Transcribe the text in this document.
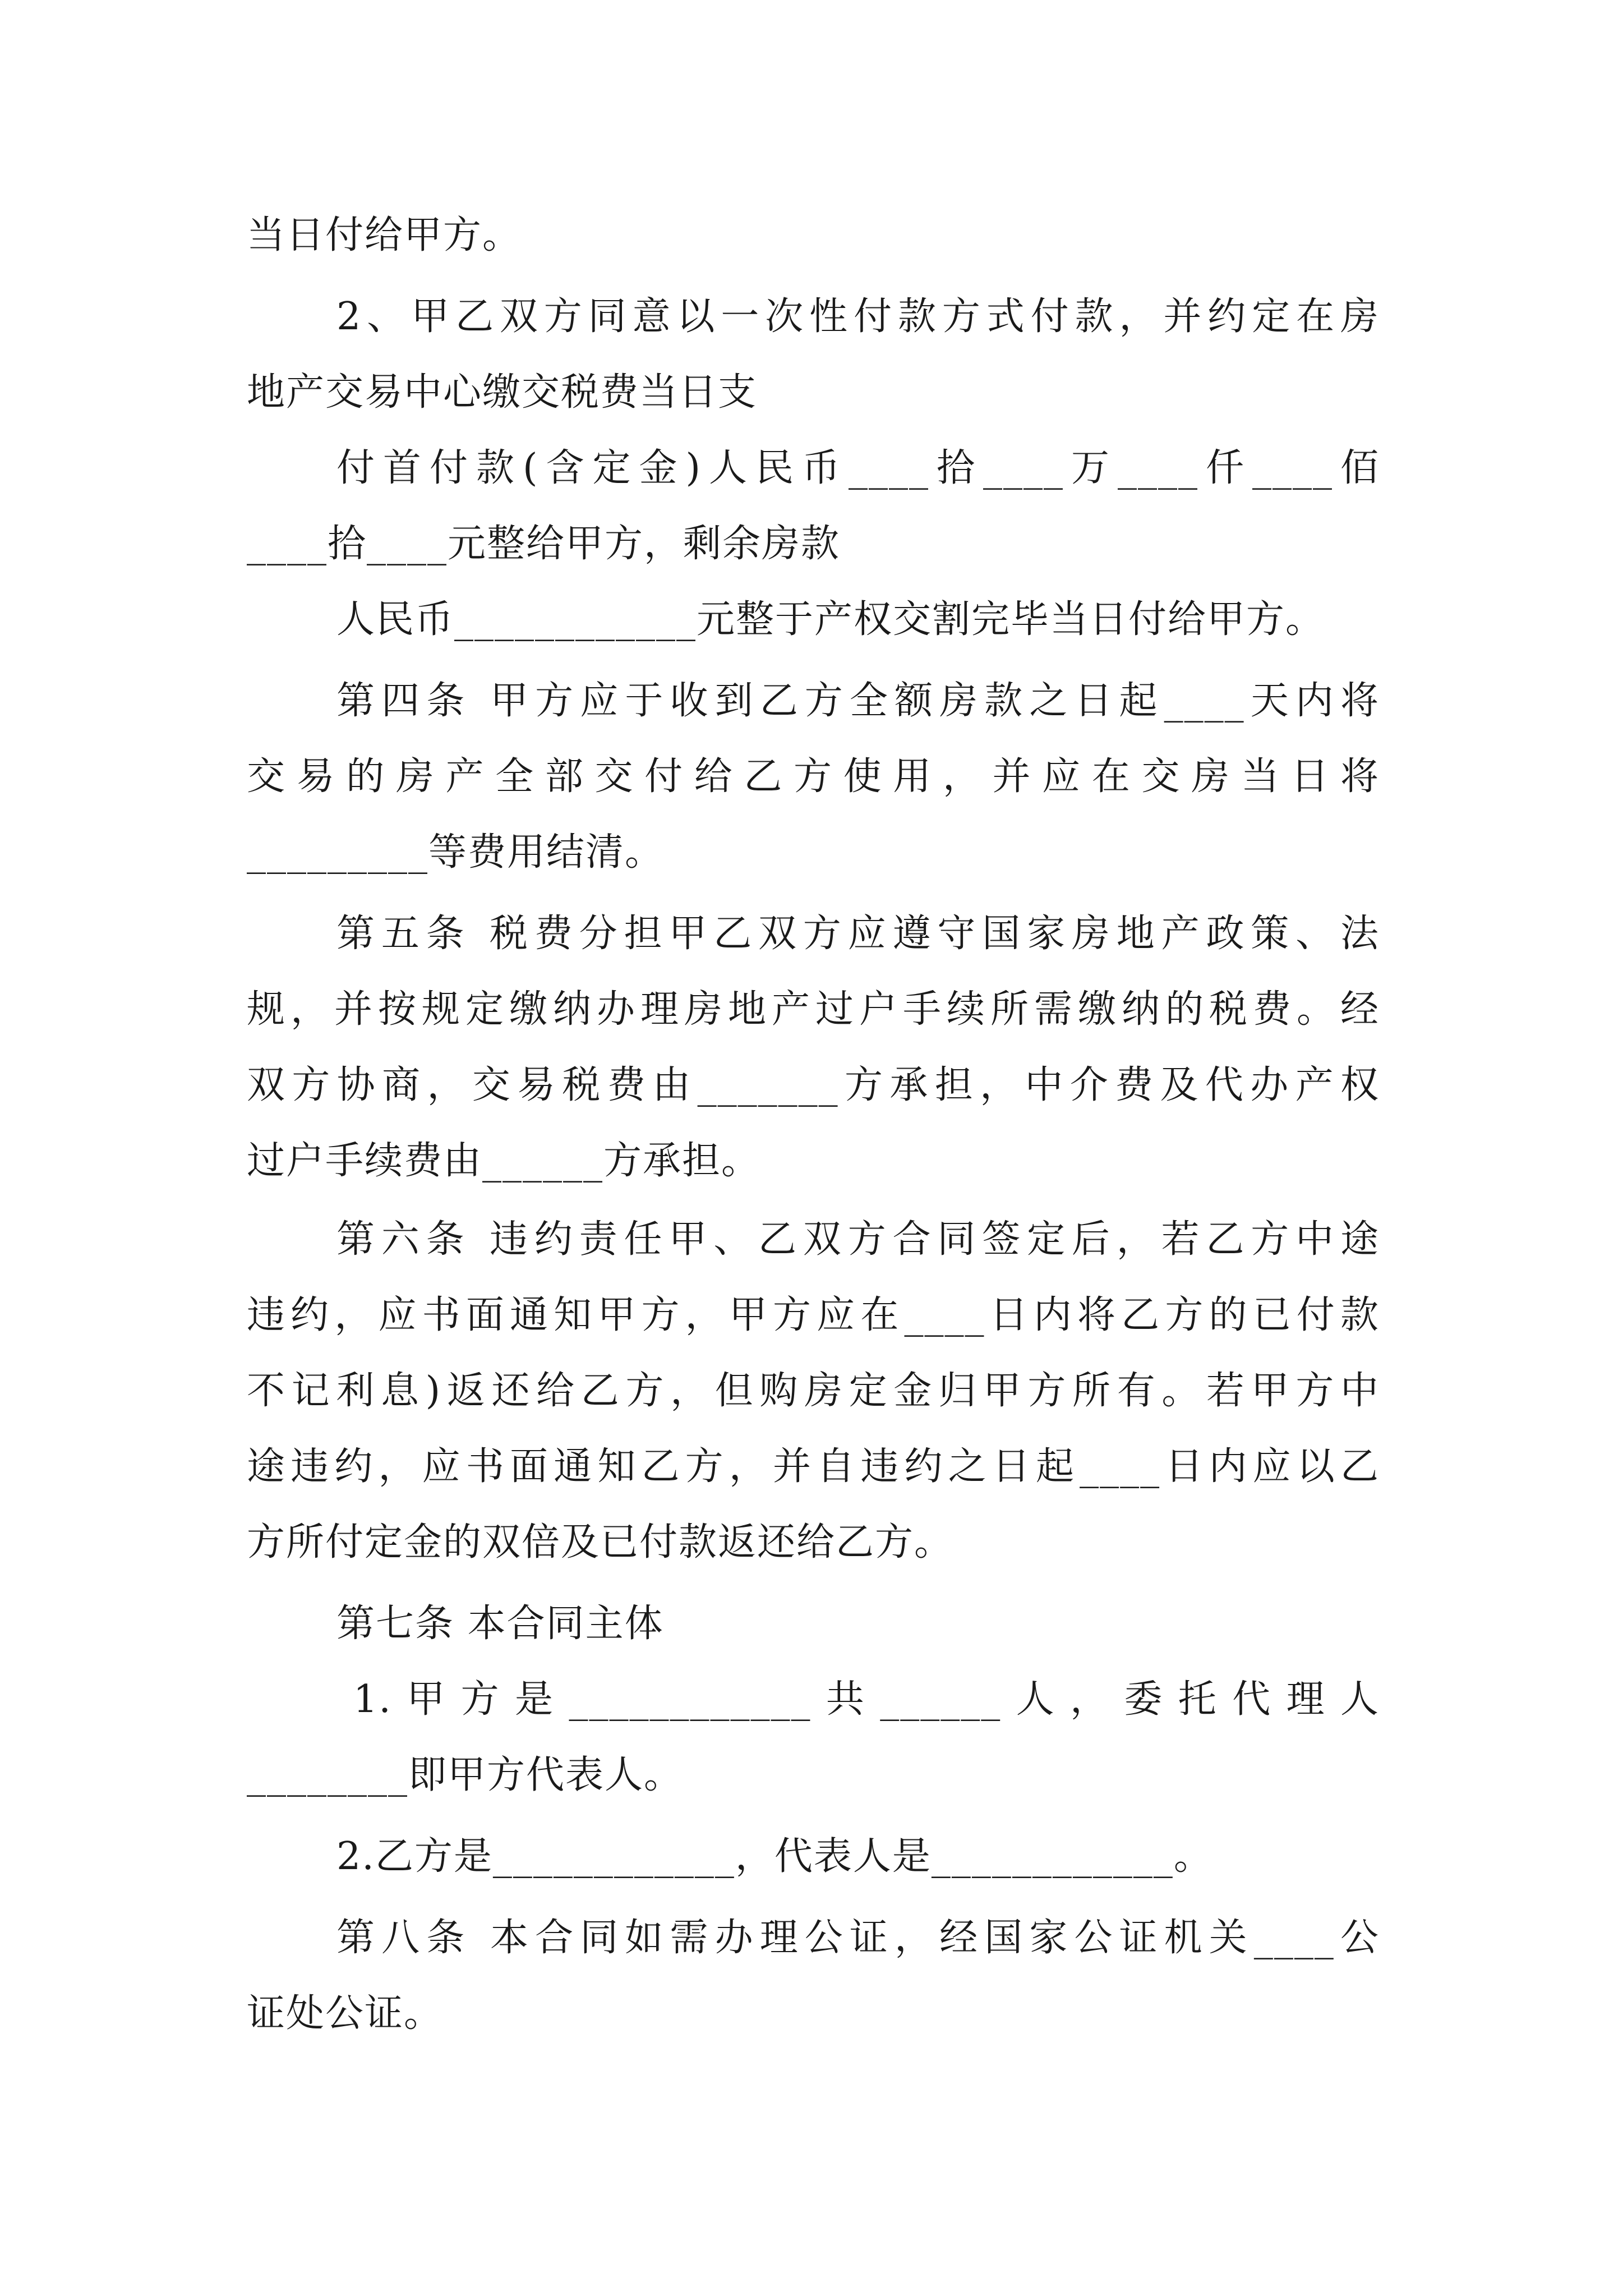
当日付给甲方。
2、甲乙双方同意以一次性付款方式付款，并约定在房
地产交易中心缴交税费当日支
付首付款(含定金)人民币____拾____万____仟____佰
____拾____元整给甲方，剩余房款
人民币____________元整于产权交割完毕当日付给甲方。
第四条 甲方应于收到乙方全额房款之日起____天内将
交易的房产全部交付给乙方使用，并应在交房当日将
_________等费用结清。
第五条 税费分担甲乙双方应遵守国家房地产政策、法
规，并按规定缴纳办理房地产过户手续所需缴纳的税费。经
双方协商，交易税费由_______方承担，中介费及代办产权
过户手续费由______方承担。
第六条 违约责任甲、乙双方合同签定后，若乙方中途
违约，应书面通知甲方，甲方应在____日内将乙方的已付款
不记利息)返还给乙方，但购房定金归甲方所有。若甲方中
途违约，应书面通知乙方，并自违约之日起____日内应以乙
方所付定金的双倍及已付款返还给乙方。
第七条 本合同主体
1.甲方是____________共______人，委托代理人
________即甲方代表人。
2.乙方是____________，代表人是____________。
第八条 本合同如需办理公证，经国家公证机关____公
证处公证。
